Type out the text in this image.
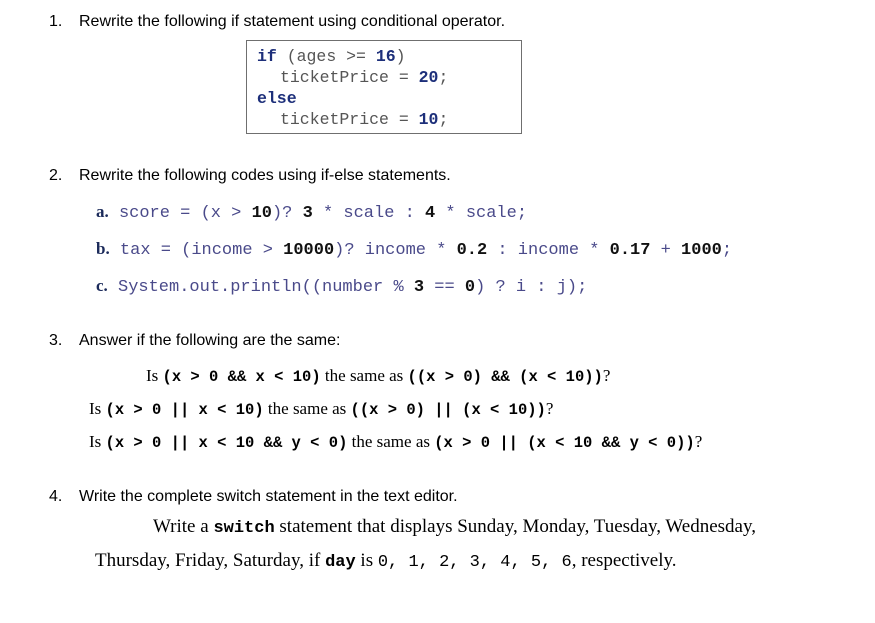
1. Rewrite the following if statement using conditional operator.
if (ages >= 16)
ticketPrice = 20;
else
ticketPrice = 10;
2. Rewrite the following codes using if-else statements.
a. score = (x > 10)? 3 * scale : 4 * scale;
b. tax = (income > 10000)? income * 0.2 : income * 0.17 + 1000;
c. System.out.println((number % 3 == 0) ? i : j);
3. Answer if the following are the same:
Is (x > 0 && x < 10) the same as ((x > 0) && (x < 10))?
Is (x > 0 || x < 10) the same as ((x > 0) || (x < 10))?
Is (x > 0 || x < 10 && y < 0) the same as (x > 0 || (x < 10 && y < 0))?
4. Write the complete switch statement in the text editor.
Write a switch statement that displays Sunday, Monday, Tuesday, Wednesday,
Thursday, Friday, Saturday, if day is 0, 1, 2, 3, 4, 5, 6, respectively.
